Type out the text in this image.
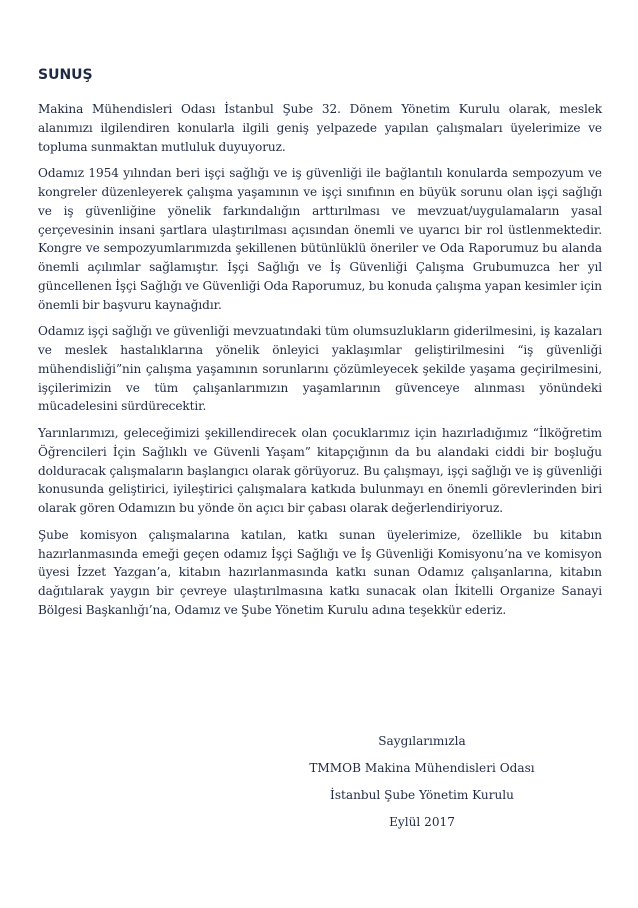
SUNUŞ

Makina Mühendisleri Odası İstanbul Şube 32. Dönem Yönetim Kurulu olarak, meslek alanımızı ilgilendiren konularla ilgili geniş yelpazede yapılan çalışmaları üyelerimize ve topluma sunmaktan mutluluk duyuyoruz.

Odamız 1954 yılından beri işçi sağlığı ve iş güvenliği ile bağlantılı konularda sempozyum ve kongreler düzenleyerek çalışma yaşamının ve işçi sınıfının en büyük sorunu olan işçi sağlığı ve iş güvenliğine yönelik farkındalığın arttırılması ve mevzuat/uygulamaların yasal çerçevesinin insani şartlara ulaştırılması açısından önemli ve uyarıcı bir rol üstlenmektedir. Kongre ve sempozyumlarımızda şekillenen bütünlüklü öneriler ve Oda Raporumuz bu alanda önemli açılımlar sağlamıştır. İşçi Sağlığı ve İş Güvenliği Çalışma Grubumuzca her yıl güncellenen İşçi Sağlığı ve Güvenliği Oda Raporumuz, bu konuda çalışma yapan kesimler için önemli bir başvuru kaynağıdır.

Odamız işçi sağlığı ve güvenliği mevzuatındaki tüm olumsuzlukların giderilmesini, iş kazaları ve meslek hastalıklarına yönelik önleyici yaklaşımlar geliştirilmesini “iş güvenliği mühendisliği”nin çalışma yaşamının sorunlarını çözümleyecek şekilde yaşama geçirilmesini, işçilerimizin ve tüm çalışanlarımızın yaşamlarının güvenceye alınması yönündeki mücadelesini sürdürecektir.

Yarınlarımızı, geleceğimizi şekillendirecek olan çocuklarımız için hazırladığımız “İlköğretim Öğrencileri İçin Sağlıklı ve Güvenli Yaşam” kitapçığının da bu alandaki ciddi bir boşluğu dolduracak çalışmaların başlangıcı olarak görüyoruz. Bu çalışmayı, işçi sağlığı ve iş güvenliği konusunda geliştirici, iyileştirici çalışmalara katkıda bulunmayı en önemli görevlerinden biri olarak gören Odamızın bu yönde ön açıcı bir çabası olarak değerlendiriyoruz.

Şube komisyon çalışmalarına katılan, katkı sunan üyelerimize, özellikle bu kitabın hazırlanmasında emeği geçen odamız İşçi Sağlığı ve İş Güvenliği Komisyonu’na ve komisyon üyesi İzzet Yazgan’a, kitabın hazırlanmasında katkı sunan Odamız çalışanlarına, kitabın dağıtılarak yaygın bir çevreye ulaştırılmasına katkı sunacak olan İkitelli Organize Sanayi Bölgesi Başkanlığı’na, Odamız ve Şube Yönetim Kurulu adına teşekkür ederiz.

Saygılarımızla
TMMOB Makina Mühendisleri Odası
İstanbul Şube Yönetim Kurulu
Eylül 2017
